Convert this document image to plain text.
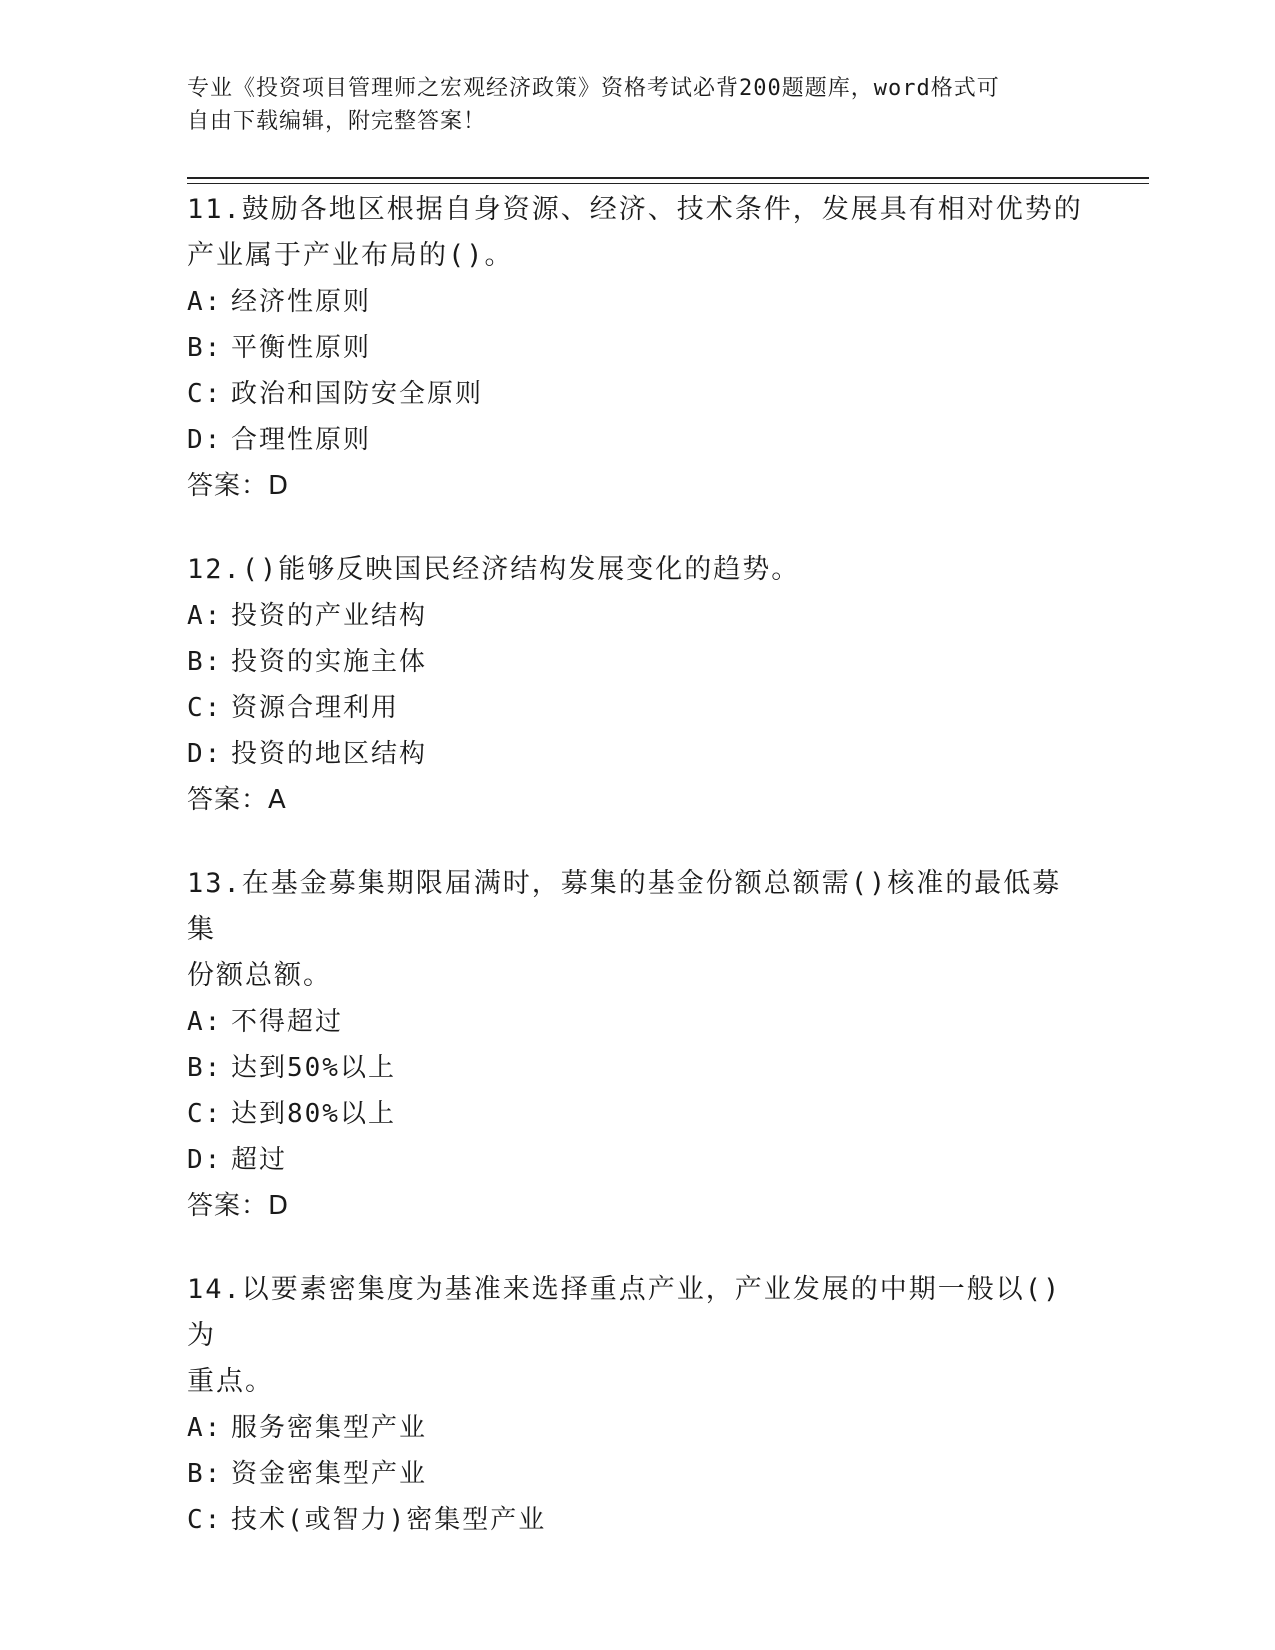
专业《投资项目管理师之宏观经济政策》资格考试必背200题题库，word格式可
自由下载编辑，附完整答案！

11.鼓励各地区根据自身资源、经济、技术条件，发展具有相对优势的

产业属于产业布局的()。

A: 经济性原则

B: 平衡性原则

C: 政治和国防安全原则

D: 合理性原则

答案：D

12.()能够反映国民经济结构发展变化的趋势。

A: 投资的产业结构

B: 投资的实施主体

C: 资源合理利用

D: 投资的地区结构

答案：A

13.在基金募集期限届满时，募集的基金份额总额需()核准的最低募集

份额总额。

A: 不得超过

B: 达到50%以上

C: 达到80%以上

D: 超过

答案：D

14.以要素密集度为基准来选择重点产业，产业发展的中期一般以()为

重点。

A: 服务密集型产业

B: 资金密集型产业

C: 技术(或智力)密集型产业
